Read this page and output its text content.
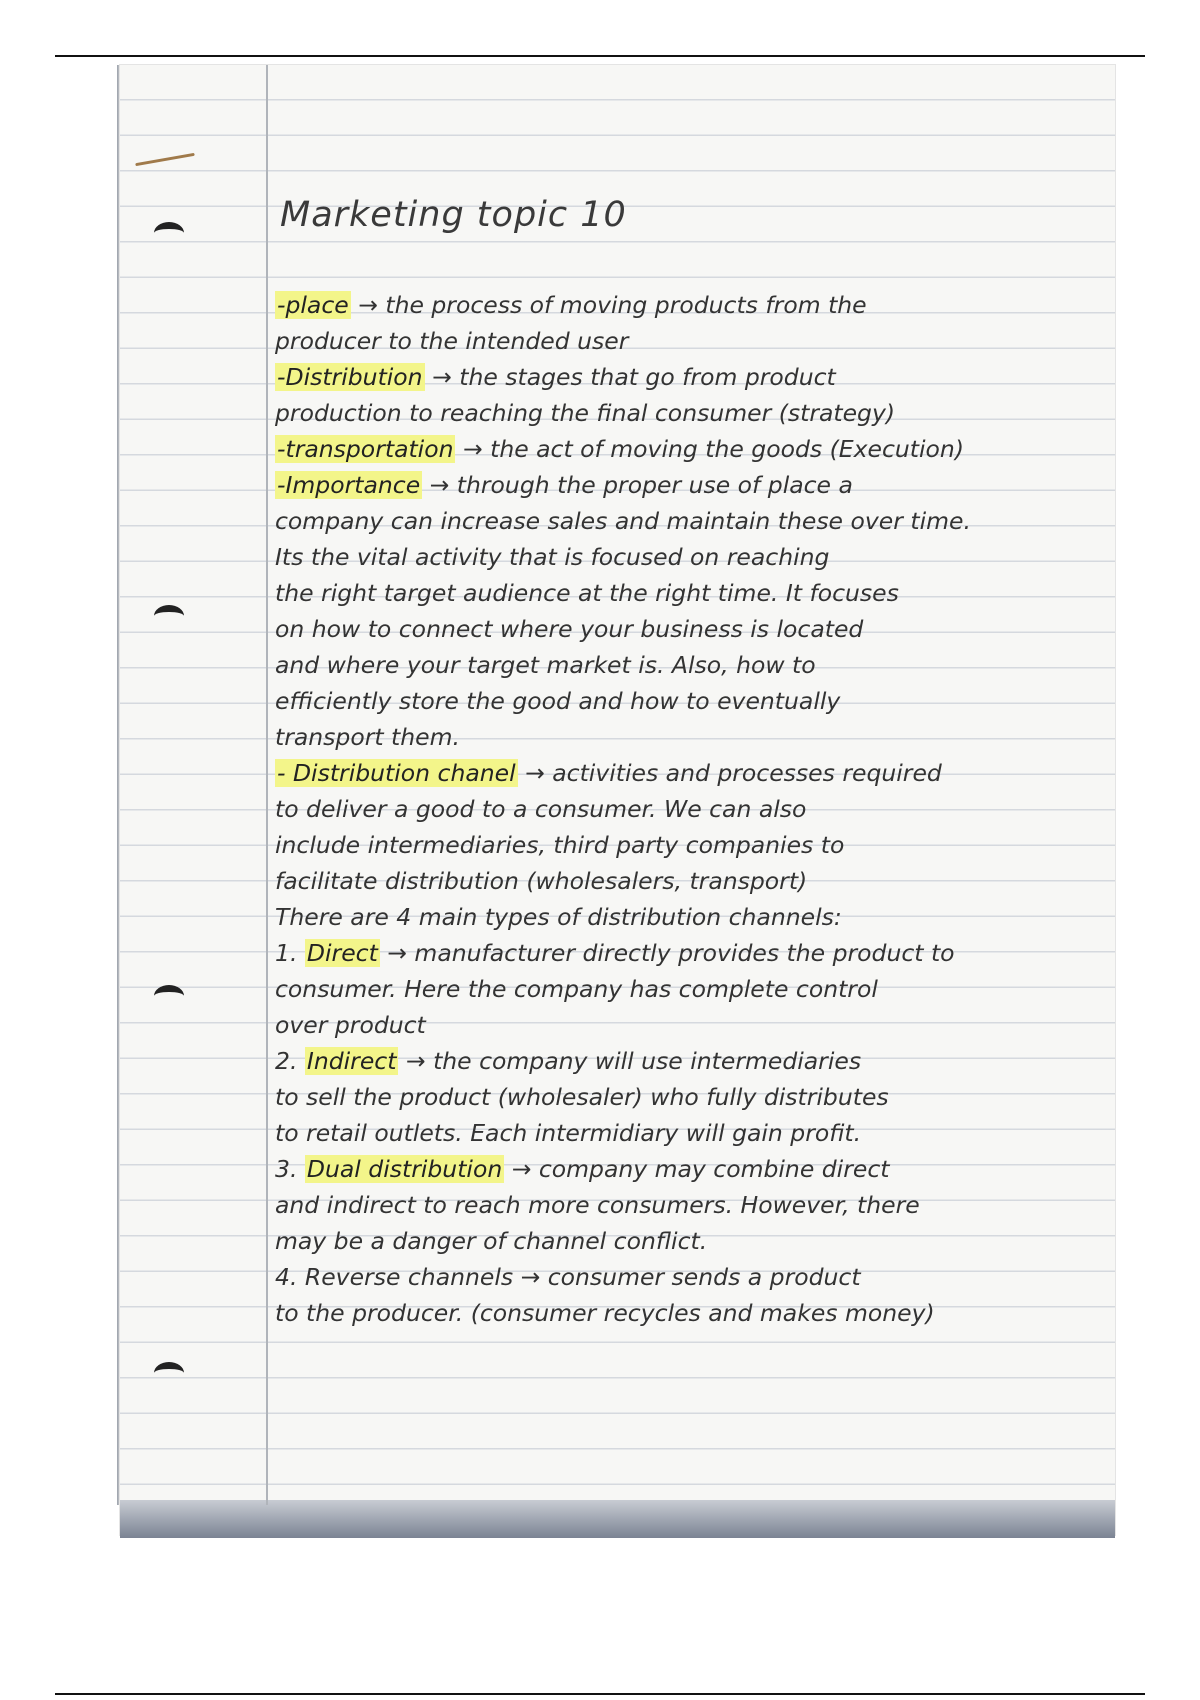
Marketing topic 10

-place → the process of moving products from the

producer to the intended user

-Distribution → the stages that go from product

production to reaching the final consumer (strategy)

-transportation → the act of moving the goods (Execution)

-Importance → through the proper use of place a

company can increase sales and maintain these over time.

Its the vital activity that is focused on reaching

the right target audience at the right time. It focuses

on how to connect where your business is located

and where your target market is. Also, how to

efficiently store the good and how to eventually

transport them.

- Distribution chanel → activities and processes required

to deliver a good to a consumer. We can also

include intermediaries, third party companies to

facilitate distribution (wholesalers, transport)

There are 4 main types of distribution channels:

1. Direct → manufacturer directly provides the product to

consumer. Here the company has complete control

over product

2. Indirect → the company will use intermediaries

to sell the product (wholesaler) who fully distributes

to retail outlets. Each intermidiary will gain profit.

3. Dual distribution → company may combine direct

and indirect to reach more consumers. However, there

may be a danger of channel conflict.

4. Reverse channels → consumer sends a product

to the producer. (consumer recycles and makes money)
